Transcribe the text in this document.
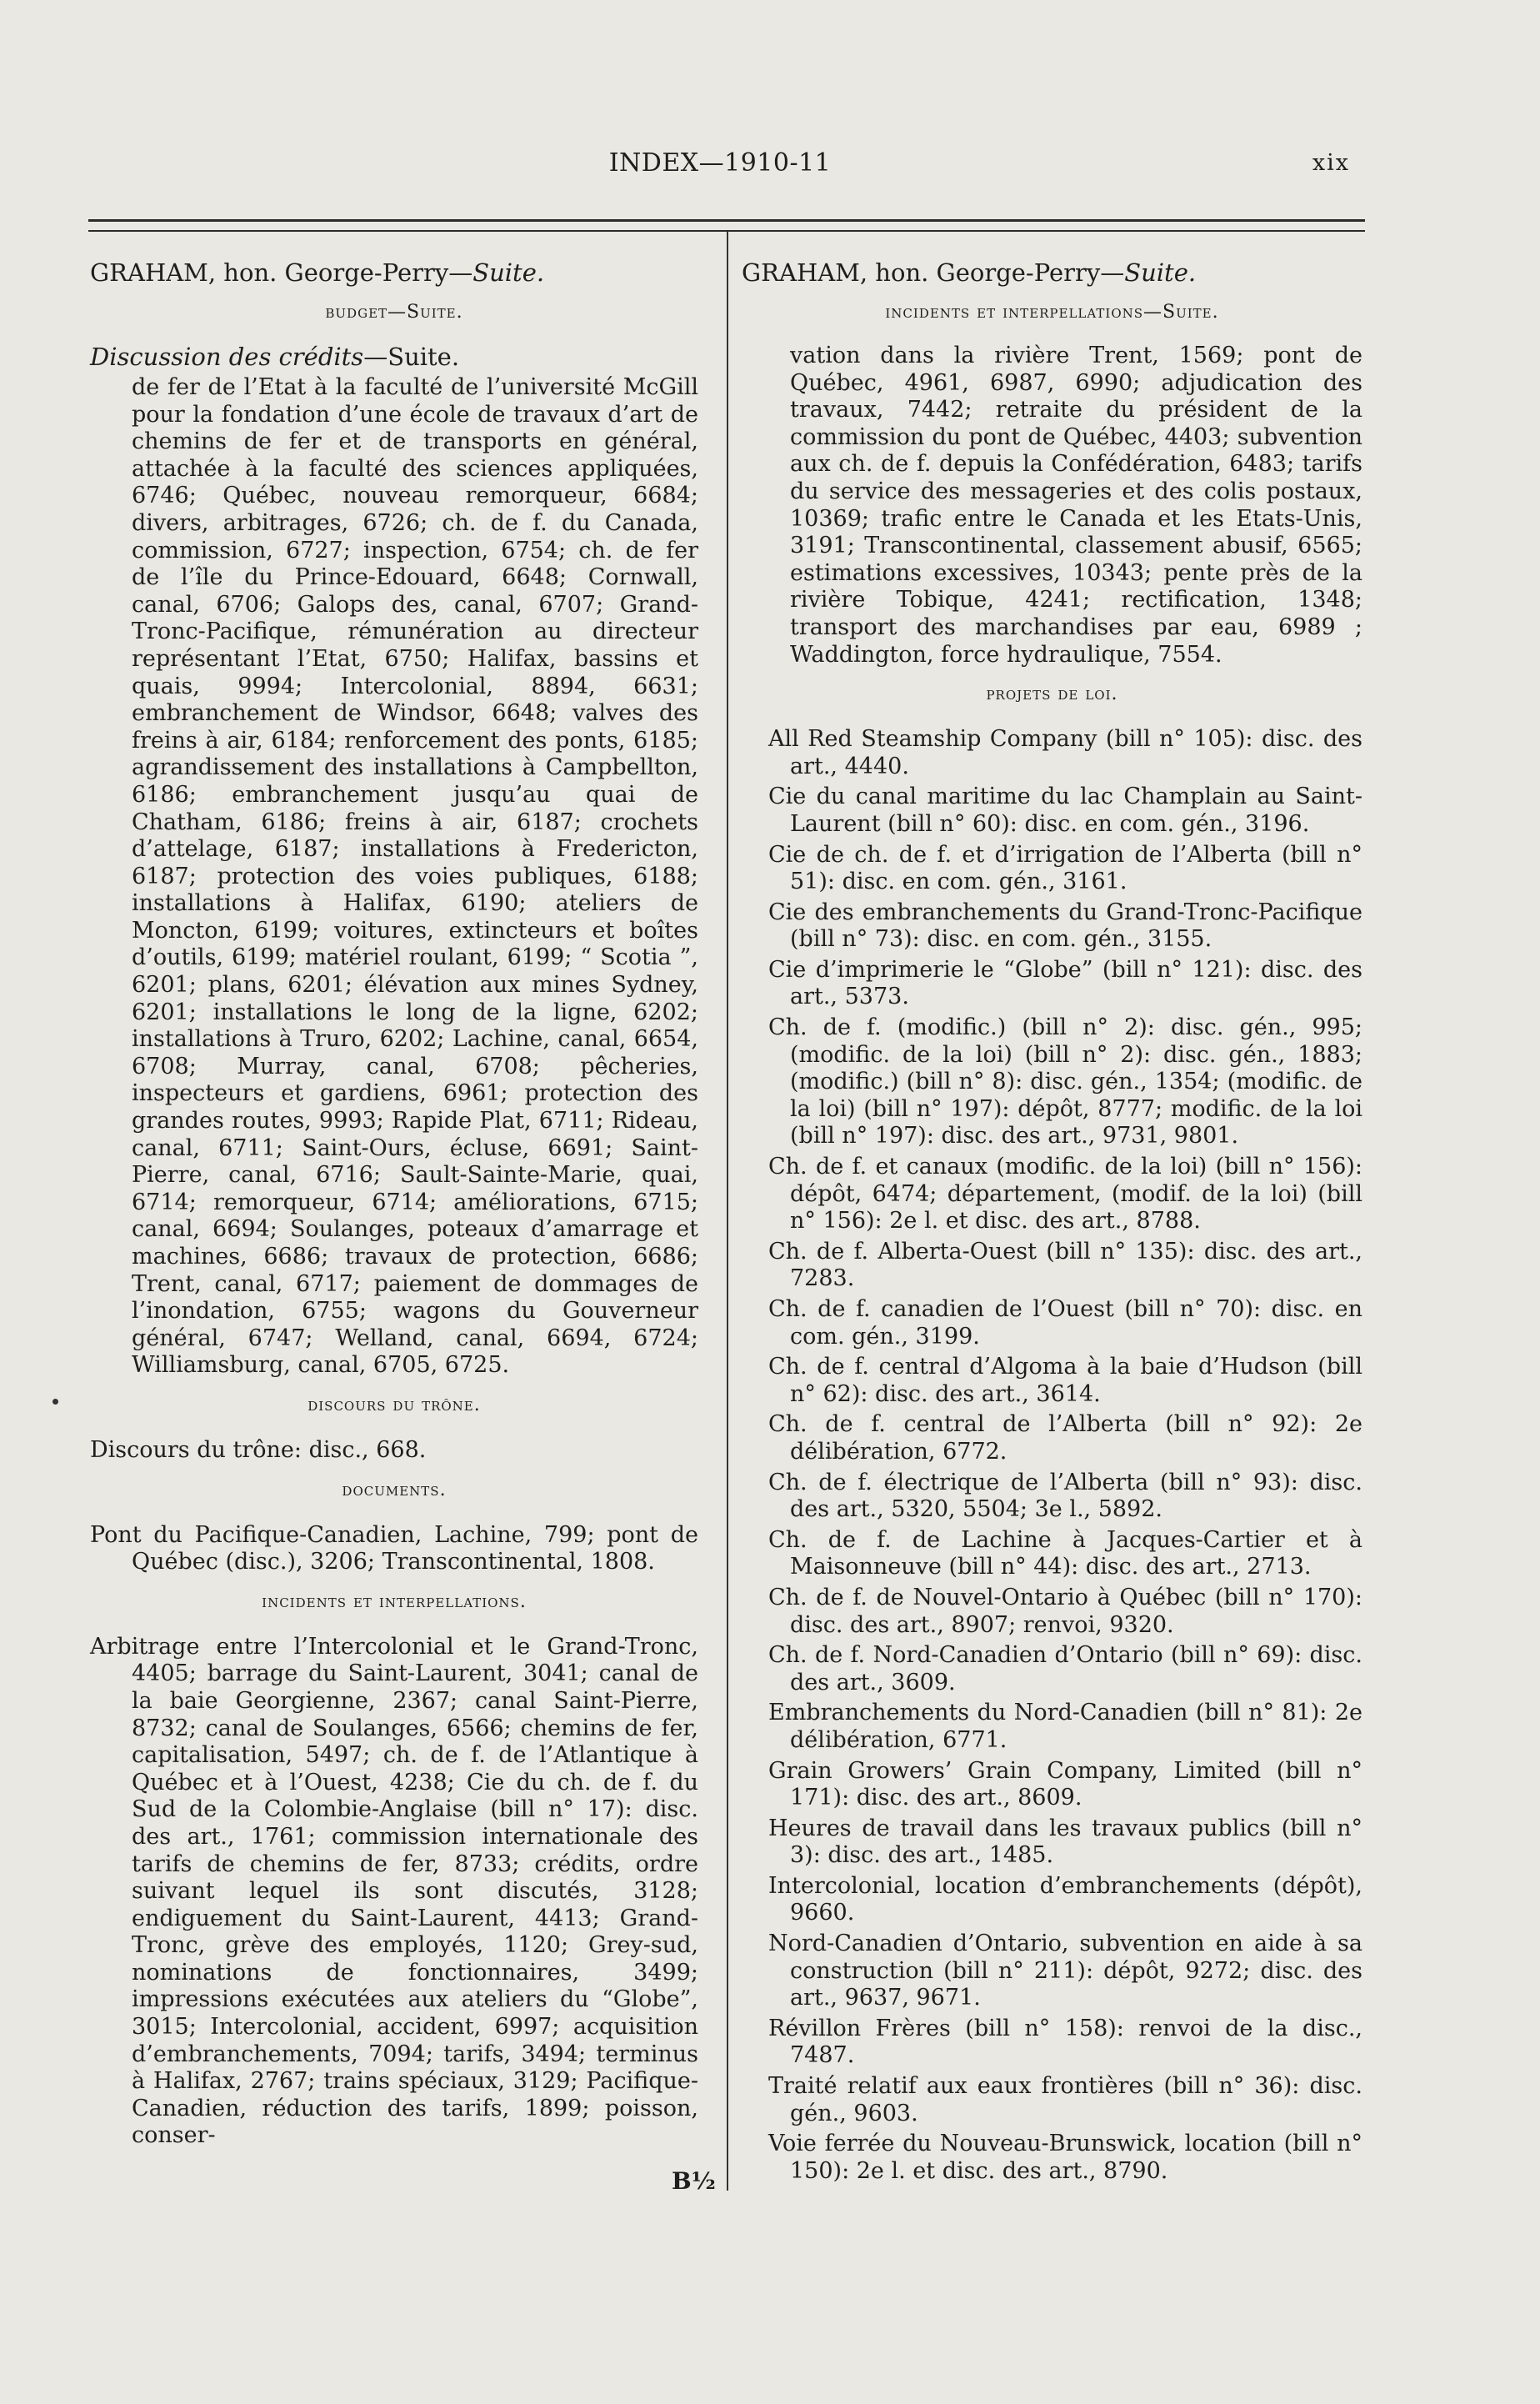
INDEX—1910-11	xix
GRAHAM, hon. George-Perry—Suite.
budget—Suite.
Discussion des crédits—Suite.

de fer de l’Etat à la faculté de l’université McGill pour la fondation d’une école de travaux d’art de chemins de fer et de transports en général, attachée à la faculté des sciences appliquées, 6746; Québec, nouveau remorqueur, 6684; divers, arbitrages, 6726; ch. de f. du Canada, commission, 6727; inspection, 6754; ch. de fer de l’île du Prince-Edouard, 6648; Cornwall, canal, 6706; Galops des, canal, 6707; Grand-Tronc-Pacifique, rémunération au directeur représentant l’Etat, 6750; Halifax, bassins et quais, 9994; Intercolonial, 8894, 6631; embranchement de Windsor, 6648; valves des freins à air, 6184; renforcement des ponts, 6185; agrandissement des installations à Campbellton, 6186; embranchement jusqu’au quai de Chatham, 6186; freins à air, 6187; crochets d’attelage, 6187; installations à Fredericton, 6187; protection des voies publiques, 6188; installations à Halifax, 6190; ateliers de Moncton, 6199; voitures, extincteurs et boîtes d’outils, 6199; matériel roulant, 6199; “ Scotia ”, 6201; plans, 6201; élévation aux mines Sydney, 6201; installations le long de la ligne, 6202; installations à Truro, 6202; Lachine, canal, 6654, 6708; Murray, canal, 6708; pêcheries, inspecteurs et gardiens, 6961; protection des grandes routes, 9993; Rapide Plat, 6711; Rideau, canal, 6711; Saint-Ours, écluse, 6691; Saint-Pierre, canal, 6716; Sault-Sainte-Marie, quai, 6714; remorqueur, 6714; améliorations, 6715; canal, 6694; Soulanges, poteaux d’amarrage et machines, 6686; travaux de protection, 6686; Trent, canal, 6717; paiement de dommages de l’inondation, 6755; wagons du Gouverneur général, 6747; Welland, canal, 6694, 6724; Williamsburg, canal, 6705, 6725.

discours du trône.

Discours du trône: disc., 668.

documents.

Pont du Pacifique-Canadien, Lachine, 799; pont de Québec (disc.), 3206; Transcontinental, 1808.

incidents et interpellations.

Arbitrage entre l’Intercolonial et le Grand-Tronc, 4405; barrage du Saint-Laurent, 3041; canal de la baie Georgienne, 2367; canal Saint-Pierre, 8732; canal de Soulanges, 6566; chemins de fer, capitalisation, 5497; ch. de f. de l’Atlantique à Québec et à l’Ouest, 4238; Cie du ch. de f. du Sud de la Colombie-Anglaise (bill n° 17): disc. des art., 1761; commission internationale des tarifs de chemins de fer, 8733; crédits, ordre suivant lequel ils sont discutés, 3128; endiguement du Saint-Laurent, 4413; Grand-Tronc, grève des employés, 1120; Grey-sud, nominations de fonctionnaires, 3499; impressions exécutées aux ateliers du “Globe”, 3015; Intercolonial, accident, 6997; acquisition d’embranchements, 7094; tarifs, 3494; terminus à Halifax, 2767; trains spéciaux, 3129; Pacifique-Canadien, réduction des tarifs, 1899; poisson, conser-

GRAHAM, hon. George-Perry—Suite.
incidents et interpellations—Suite.

vation dans la rivière Trent, 1569; pont de Québec, 4961, 6987, 6990; adjudication des travaux, 7442; retraite du président de la commission du pont de Québec, 4403; subvention aux ch. de f. depuis la Confédération, 6483; tarifs du service des messageries et des colis postaux, 10369; trafic entre le Canada et les Etats-Unis, 3191; Transcontinental, classement abusif, 6565; estimations excessives, 10343; pente près de la rivière Tobique, 4241; rectification, 1348; transport des marchandises par eau, 6989 ; Waddington, force hydraulique, 7554.

projets de loi.

All Red Steamship Company (bill n° 105): disc. des art., 4440.

Cie du canal maritime du lac Champlain au Saint-Laurent (bill n° 60): disc. en com. gén., 3196.

Cie de ch. de f. et d’irrigation de l’Alberta (bill n° 51): disc. en com. gén., 3161.

Cie des embranchements du Grand-Tronc-Pacifique (bill n° 73): disc. en com. gén., 3155.

Cie d’imprimerie le “Globe” (bill n° 121): disc. des art., 5373.

Ch. de f. (modific.) (bill n° 2): disc. gén., 995; (modific. de la loi) (bill n° 2): disc. gén., 1883; (modific.) (bill n° 8): disc. gén., 1354; (modific. de la loi) (bill n° 197): dépôt, 8777; modific. de la loi (bill n° 197): disc. des art., 9731, 9801.

Ch. de f. et canaux (modific. de la loi) (bill n° 156): dépôt, 6474; département, (modif. de la loi) (bill n° 156): 2e l. et disc. des art., 8788.

Ch. de f. Alberta-Ouest (bill n° 135): disc. des art., 7283.

Ch. de f. canadien de l’Ouest (bill n° 70): disc. en com. gén., 3199.

Ch. de f. central d’Algoma à la baie d’Hudson (bill n° 62): disc. des art., 3614.

Ch. de f. central de l’Alberta (bill n° 92): 2e délibération, 6772.

Ch. de f. électrique de l’Alberta (bill n° 93): disc. des art., 5320, 5504; 3e l., 5892.

Ch. de f. de Lachine à Jacques-Cartier et à Maisonneuve (bill n° 44): disc. des art., 2713.

Ch. de f. de Nouvel-Ontario à Québec (bill n° 170): disc. des art., 8907; renvoi, 9320.

Ch. de f. Nord-Canadien d’Ontario (bill n° 69): disc. des art., 3609.

Embranchements du Nord-Canadien (bill n° 81): 2e délibération, 6771.

Grain Growers’ Grain Company, Limited (bill n° 171): disc. des art., 8609.

Heures de travail dans les travaux publics (bill n° 3): disc. des art., 1485.

Intercolonial, location d’embranchements (dépôt), 9660.

Nord-Canadien d’Ontario, subvention en aide à sa construction (bill n° 211): dépôt, 9272; disc. des art., 9637, 9671.

Révillon Frères (bill n° 158): renvoi de la disc., 7487.

Traité relatif aux eaux frontières (bill n° 36): disc. gén., 9603.

Voie ferrée du Nouveau-Brunswick, location (bill n° 150): 2e l. et disc. des art., 8790.

B½
